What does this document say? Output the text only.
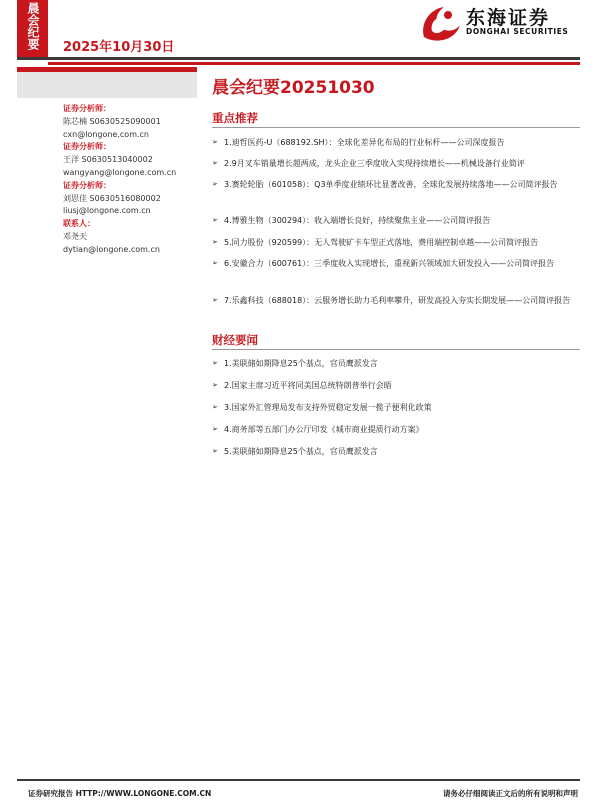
晨会纪要	2025年10月30日
东海证券
DONGHAI SECURITIES
证券分析师：
陈芯楠 S0630525090001
cxn@longone.com.cn
证券分析师：
王洋 S0630513040002
wangyang@longone.com.cn
证券分析师：
刘思佳 S0630516080002
liusj@longone.com.cn
联系人：
邓尧天
dytian@longone.com.cn
晨会纪要20251030
重点推荐
➢ 1.迪哲医药-U（688192.SH）：全球化差异化布局的行业标杆——公司深度报告
➢ 2.9月叉车销量增长超两成，龙头企业三季度收入实现持续增长——机械设备行业简评
➢ 3.赛轮轮胎（601058）：Q3单季度业绩环比显著改善，全球化发展持续落地——公司简评报告
➢ 4.博雅生物（300294）：收入端增长良好，持续聚焦主业——公司简评报告
➢ 5.同力股份（920599）：无人驾驶矿卡车型正式落地，费用端控制卓越——公司简评报告
➢ 6.安徽合力（600761）：三季度收入实现增长，重视新兴领域加大研发投入——公司简评报告
➢ 7.乐鑫科技（688018）：云服务增长助力毛利率攀升，研发高投入夯实长期发展——公司简评报告
财经要闻
➢ 1.美联储如期降息25个基点，官员鹰派发言
➢ 2.国家主席习近平将同美国总统特朗普举行会晤
➢ 3.国家外汇管理局发布支持外贸稳定发展一揽子便利化政策
➢ 4.商务部等五部门办公厅印发《城市商业提质行动方案》
➢ 5.美联储如期降息25个基点，官员鹰派发言
证券研究报告 HTTP://WWW.LONGONE.COM.CN	请务必仔细阅读正文后的所有说明和声明
